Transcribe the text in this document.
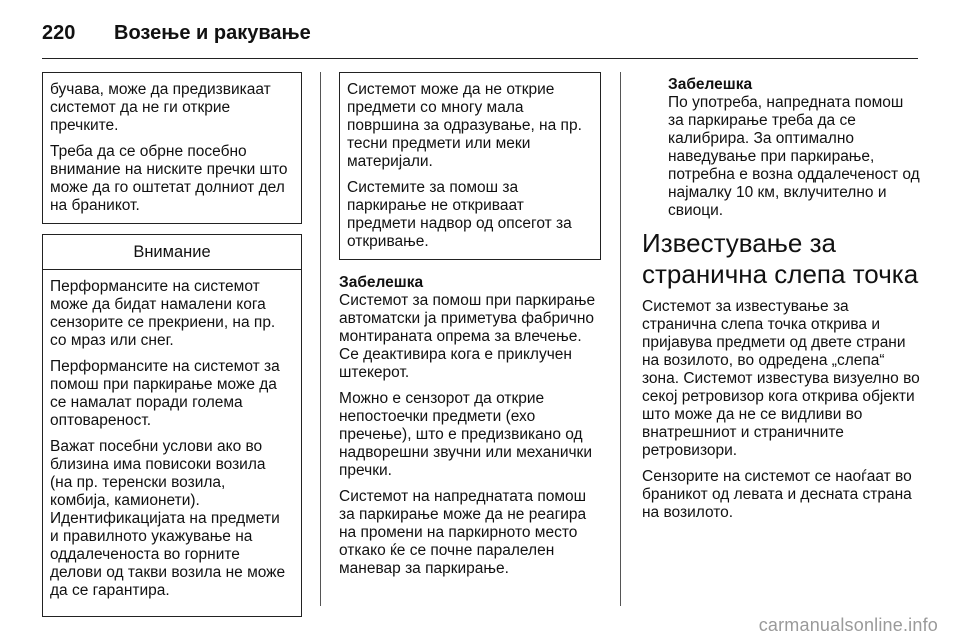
220 Возење и ракување

бучава, може да предизвикаат системот да не ги открие пречките.

Треба да се обрне посебно внимание на ниските пречки што може да го оштетат долниот дел на браникот.

Внимание

Перформансите на системот може да бидат намалени кога сензорите се прекриени, на пр. со мраз или снег.

Перформансите на системот за помош при паркирање може да се намалат поради голема оптовареност.

Важат посебни услови ако во близина има повисоки возила (на пр. теренски возила, комбија, камионети). Идентификацијата на предмети и правилното укажување на оддалеченоста во горните делови од такви возила не може да се гарантира.

Системот може да не открие предмети со многу мала површина за одразување, на пр. тесни предмети или меки материјали.

Системите за помош за паркирање не откриваат предмети надвор од опсегот за откривање.

Забелешка

Системот за помош при паркирање автоматски ја приметува фабрично монтираната опрема за влечење. Се деактивира кога е приклучен штекерот.

Можно е сензорот да открие непостоечки предмети (ехо пречење), што е предизвикано од надворешни звучни или механички пречки.

Системот на напреднатата помош за паркирање може да не реагира на промени на паркирното место откако ќе се почне паралелен маневар за паркирање.

Забелешка

По употреба, напредната помош за паркирање треба да се калибрира. За оптимално наведување при паркирање, потребна е возна оддалеченост од најмалку 10 км, вклучително и свиоци.

Известување за странична слепа точка

Системот за известување за странична слепа точка открива и пријавува предмети од двете страни на возилото, во одредена „слепа“ зона. Системот известува визуелно во секој ретровизор кога открива објекти што може да не се видливи во внатрешниот и страничните ретровизори.

Сензорите на системот се наоѓаат во браникот од левата и десната страна на возилото.

carmanualsonline.info
